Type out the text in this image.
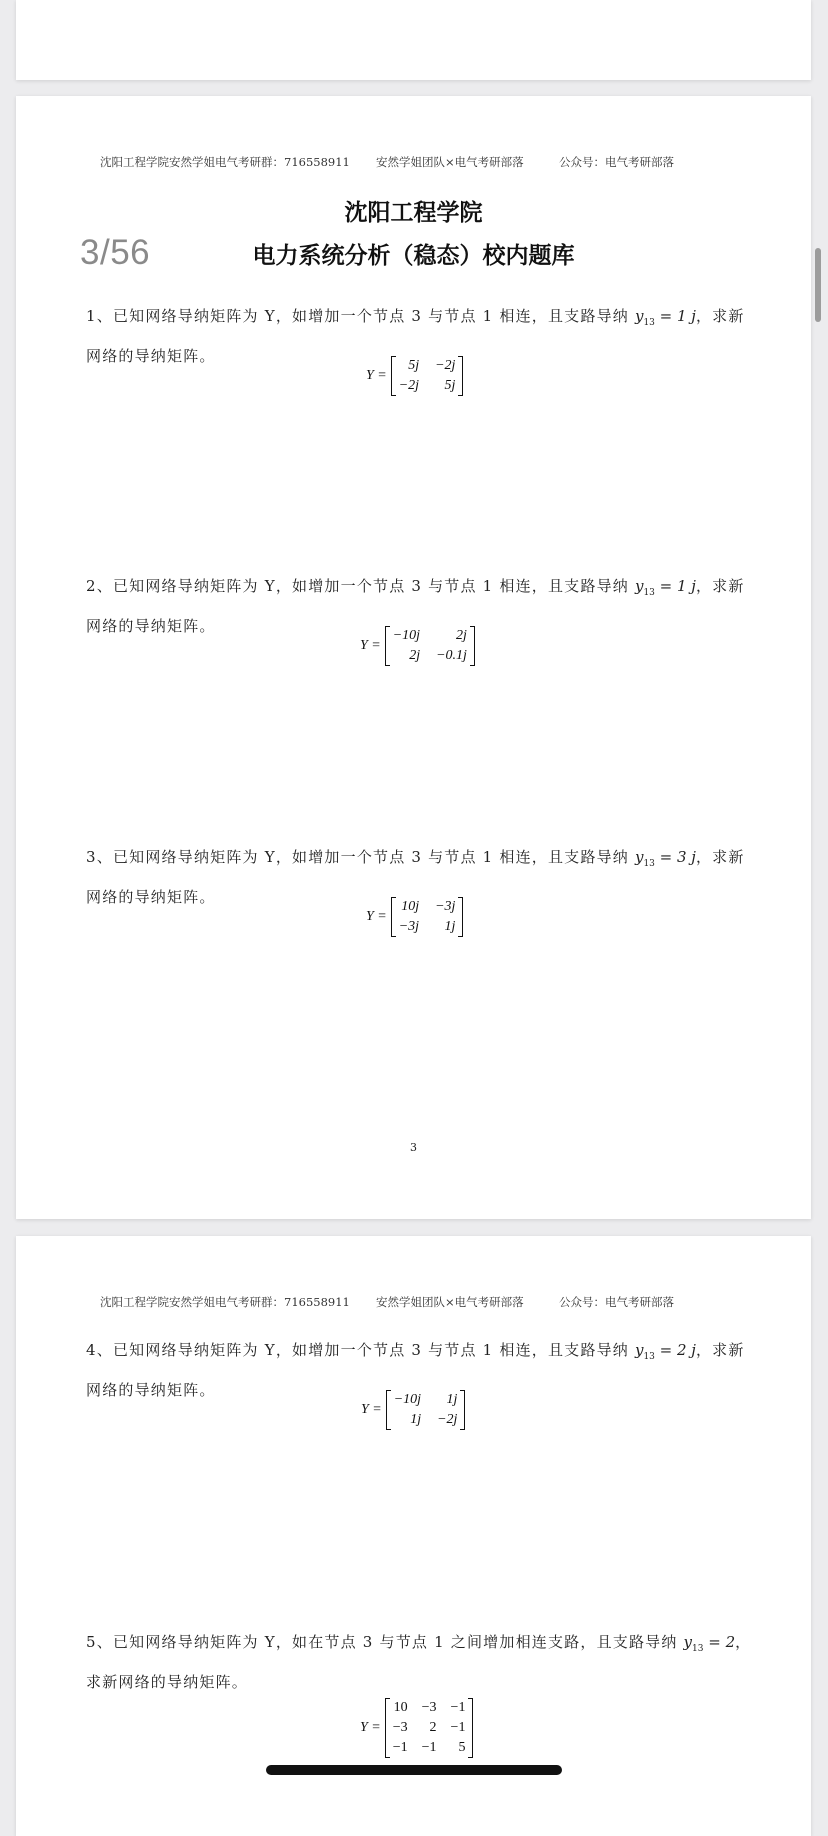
沈阳工程学院安然学姐电气考研群：716558911 安然学姐团队×电气考研部落	公众号：电气考研部落
沈阳工程学院
3/56	电力系统分析（稳态）校内题库
1、已知网络导纳矩阵为 Y，如增加一个节点 3 与节点 1 相连，且支路导纳 $y_{13} = 1$ j，求新网络的导纳矩阵。
Y =
5j −2j
−2j	5j
2、已知网络导纳矩阵为 Y，如增加一个节点 3 与节点 1 相连，且支路导纳 $y_{13} = 1$ j，求新网络的导纳矩阵。
Y =
−10j	2j
2j −0.1j
3、已知网络导纳矩阵为 Y，如增加一个节点 3 与节点 1 相连，且支路导纳 $y_{13} = 3$ j，求新网络的导纳矩阵。
Y =
10j −3j
−3j	1j
3
沈阳工程学院安然学姐电气考研群：716558911 安然学姐团队×电气考研部落	公众号：电气考研部落
4、已知网络导纳矩阵为 Y，如增加一个节点 3 与节点 1 相连，且支路导纳 $y_{13} = 2$ j，求新网络的导纳矩阵。
Y =
−10j	1j
1j −2j
5、已知网络导纳矩阵为 Y，如在节点 3 与节点 1 之间增加相连支路，且支路导纳 $y_{13} = 2$，求新网络的导纳矩阵。
Y =
10 −3 −1
−3	2 −1
−1 −1	5
